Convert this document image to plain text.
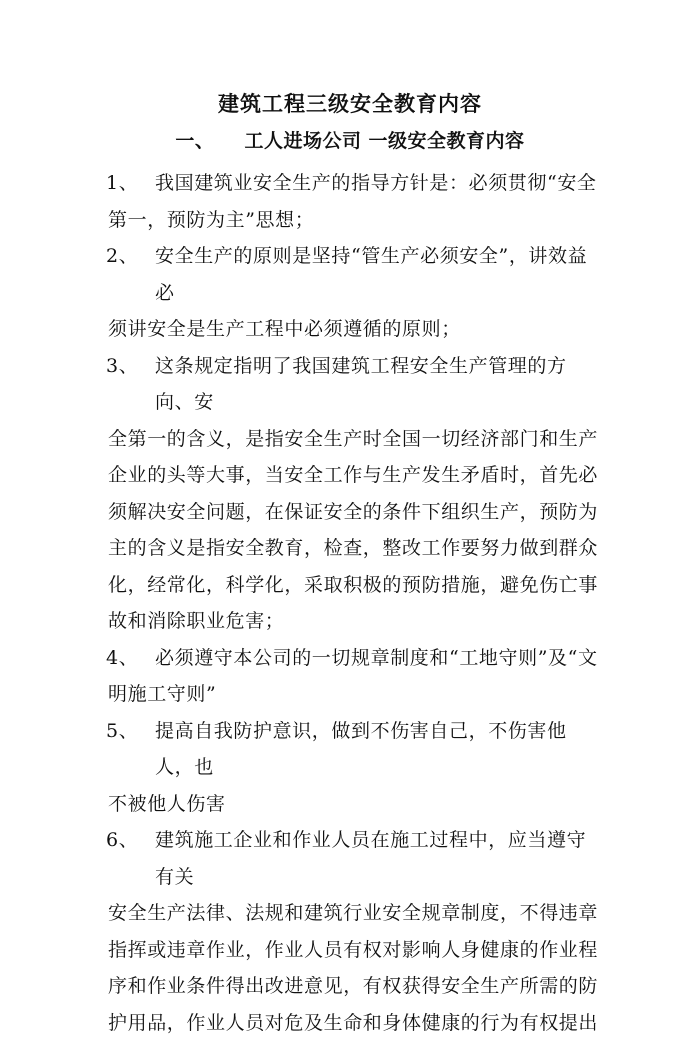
建筑工程三级安全教育内容
一、 工人进场公司 一级安全教育内容
1、 我国建筑业安全生产的指导方针是：必须贯彻“安全
第一，预防为主”思想；
2、 安全生产的原则是坚持“管生产必须安全”，讲效益必
须讲安全是生产工程中必须遵循的原则；
3、 这条规定指明了我国建筑工程安全生产管理的方向、安
全第一的含义，是指安全生产时全国一切经济部门和生产
企业的头等大事，当安全工作与生产发生矛盾时，首先必
须解决安全问题，在保证安全的条件下组织生产，预防为
主的含义是指安全教育，检查，整改工作要努力做到群众
化，经常化，科学化，采取积极的预防措施，避免伤亡事
故和消除职业危害；
4、 必须遵守本公司的一切规章制度和“工地守则”及“文
明施工守则”
5、 提高自我防护意识，做到不伤害自己，不伤害他人，也
不被他人伤害
6、 建筑施工企业和作业人员在施工过程中，应当遵守有关
安全生产法律、法规和建筑行业安全规章制度，不得违章
指挥或违章作业，作业人员有权对影响人身健康的作业程
序和作业条件得出改进意见，有权获得安全生产所需的防
护用品，作业人员对危及生命和身体健康的行为有权提出
